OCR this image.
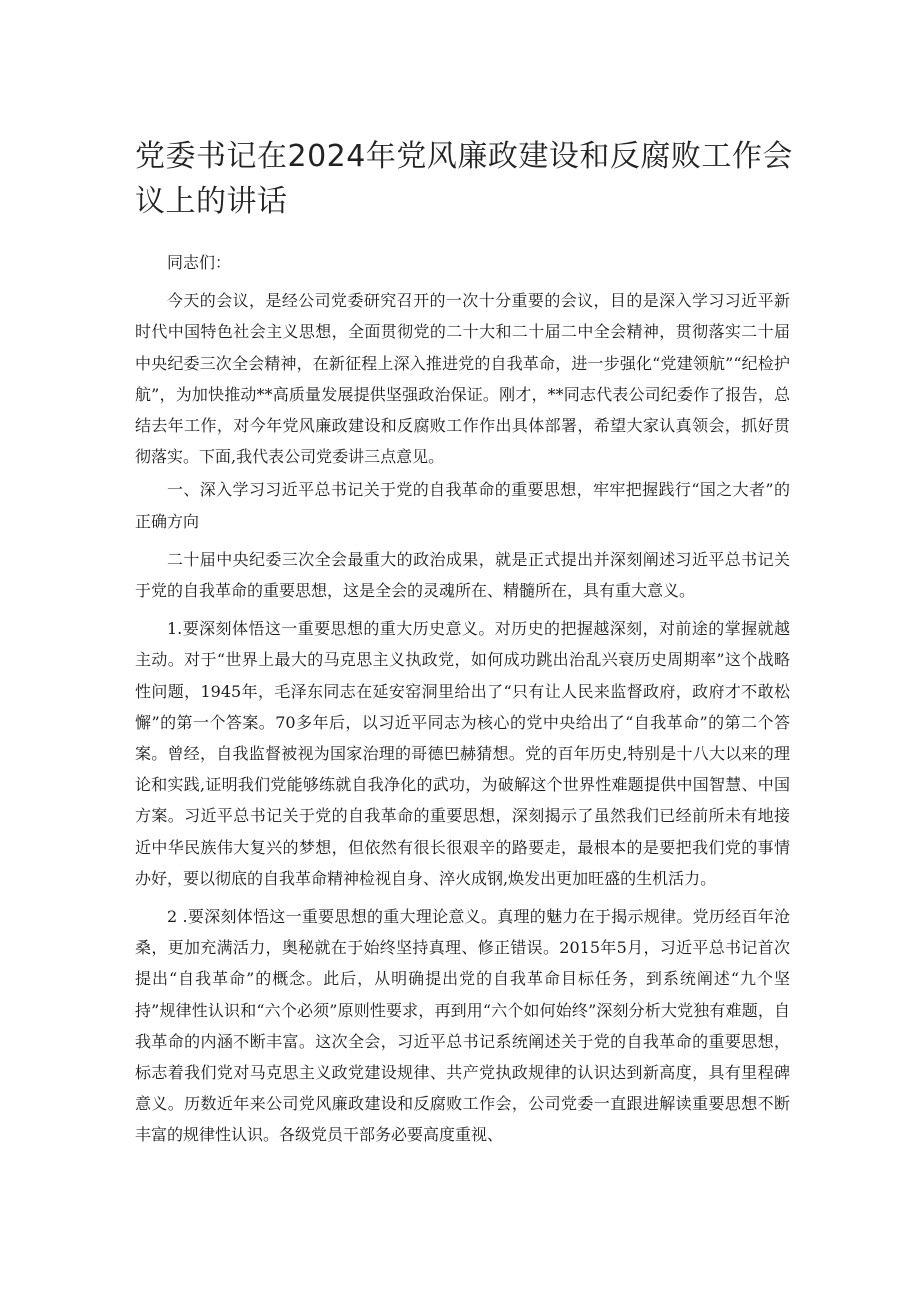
党委书记在2024年党风廉政建设和反腐败工作会议上的讲话

同志们：

今天的会议，是经公司党委研究召开的一次十分重要的会议，目的是深入学习习近平新时代中国特色社会主义思想，全面贯彻党的二十大和二十届二中全会精神，贯彻落实二十届中央纪委三次全会精神，在新征程上深入推进党的自我革命，进一步强化“党建领航”“纪检护航”，为加快推动**高质量发展提供坚强政治保证。刚才，**同志代表公司纪委作了报告，总结去年工作，对今年党风廉政建设和反腐败工作作出具体部署，希望大家认真领会，抓好贯彻落实。下面,我代表公司党委讲三点意见。

一、深入学习习近平总书记关于党的自我革命的重要思想，牢牢把握践行“国之大者”的正确方向

二十届中央纪委三次全会最重大的政治成果，就是正式提出并深刻阐述习近平总书记关于党的自我革命的重要思想，这是全会的灵魂所在、精髓所在，具有重大意义。

1.要深刻体悟这一重要思想的重大历史意义。对历史的把握越深刻，对前途的掌握就越主动。对于“世界上最大的马克思主义执政党，如何成功跳出治乱兴衰历史周期率”这个战略性问题，1945年，毛泽东同志在延安窑洞里给出了“只有让人民来监督政府，政府才不敢松懈”的第一个答案。70多年后，以习近平同志为核心的党中央给出了“自我革命”的第二个答案。曾经，自我监督被视为国家治理的哥德巴赫猜想。党的百年历史,特别是十八大以来的理论和实践,证明我们党能够练就自我净化的武功，为破解这个世界性难题提供中国智慧、中国方案。习近平总书记关于党的自我革命的重要思想，深刻揭示了虽然我们已经前所未有地接近中华民族伟大复兴的梦想，但依然有很长很艰辛的路要走，最根本的是要把我们党的事情办好，要以彻底的自我革命精神检视自身、淬火成钢,焕发出更加旺盛的生机活力。

2 .要深刻体悟这一重要思想的重大理论意义。真理的魅力在于揭示规律。党历经百年沧桑，更加充满活力，奥秘就在于始终坚持真理、修正错误。2015年5月，习近平总书记首次提出“自我革命”的概念。此后，从明确提出党的自我革命目标任务，到系统阐述“九个坚持”规律性认识和“六个必须”原则性要求，再到用“六个如何始终”深刻分析大党独有难题，自我革命的内涵不断丰富。这次全会，习近平总书记系统阐述关于党的自我革命的重要思想，标志着我们党对马克思主义政党建设规律、共产党执政规律的认识达到新高度，具有里程碑意义。历数近年来公司党风廉政建设和反腐败工作会，公司党委一直跟进解读重要思想不断丰富的规律性认识。各级党员干部务必要高度重视、
